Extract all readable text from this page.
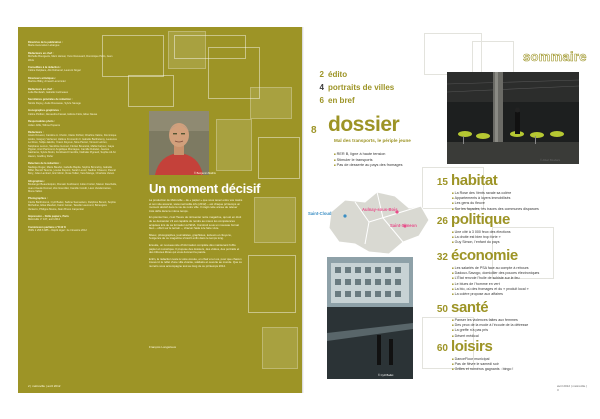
Directrice de la publication :
Marie-Geneviève Lebargue
Rédacteurs en chef :
Michelle Bourgeois, Marc Hersat, Yann Renouard, Dominique Pétin, Jean Wets
Conseillère à la rédaction :
Céline Delplace, Alix Duhamel, Laurent Nogal
Directeurs artistiques :
Martine Bâby, Arnaud Lemonnier
Rédacteurs en chef :
Leila Benfatah, Isabelle Guilmeaux
Secrétaires générales de rédaction :
Nicole Dupuy, Aude Rousseau, Sylvie Savage
Iconographes-graphistes :
Céline Poillorc, Alexandra Fassal, Hélène Fétis, Elise Nause
Responsables photo :
Julien Joffe, Wilma Poparos
Rédacteurs :
Anaïs Duveret, Caroline A. Chotin, Claire Fichtel, Charline Valore, Dominique Andre, Grégory Verlamel, Hélène Fromentin F. Isabelle Barthelemy, Laurence Le Roux, Sofija Jakobs, Yoann Doyoux, Nina Pierret, Vincent Lebrun, Stéphane Leroux, Sandrine Gonnet, Florian Boucetté, Mafia Farjoux, Gaya Pignier, Amir Parimond, Angélique Montague, Camille Dubelet, Jeanne Sasharne, Sylvie Mutin, Ferdinand Franzilis, Nathalie Pignault, Sophie Ail Ait Hacen, Godfrey Dufer
Relecture de la rédaction :
Nadiège Roger, Marie Baudet, Isabelle Baptia, Sophie Bonnefoy, Isabelle Biffet, Benoît Taverre, Louise Dupont, Sarah Lenoir, Nadine Chauvet, Pascal Bory, Jules Lambert, Éric Morin, Rose Tellier, Vera Mange, Charlotte Vanon
Infographies :
Boulanger Beauclerquin, Romain Ferdinand, Julien Fortier, Manon Deschelle, Jean-Claude Donnel, Zoé Gremillet, Camille Condit, Léon Vanderzanten, Mona Vallon
Photographies :
Cécile Bartholomé, Cyril Badet, Sabine Samuelson, Delphine Benoit, Sophie Micheline, Elisa Maxdeit, Katrin Goran, Tassilio Laumond, Bérengère Vanterre, Philippe Moore, Alain Bruno Carpentier
Impression – Dolle papiers, Paris
Métroville n° 167, avril 2012
Commission paritaire n°1112 K
ISSN 1 296 6 985 – Dépôt légal : 2e trimestre 2012
© Benjamin Mathis
Un moment décisif

La production de Métroville – de « papier » que vous tenez entre vos mains et son site associé, www.metroville.info (2012) – est chaque printemps un moment décisif dans la vie de notre ville. Il s'agit cette année de relever trois défis dans le même temps.

En premier lieu, c'est l'heure de réinventer notre magazine, qui est en droit de se demander s'il est capable de rendre au mieux les compétences acquises lors de sa formation à l'ENA. Construit sous un nouveau format bien – offert sur le terrain –, chacun l'aide à le faire vivre.

Mieux, photographes, journalistes, graphistes, lecteurs et citoyens, l'exigence de ce magazine s'inscrit enfin dans le temps long.

Ensuite, un nouveau site d'information complète dès maintenant l'offre papier et numérique. Il propose des dossiers, des vidéos, des portraits et des tribunes libres qui vous donnent la parole.

Enfin, la rédaction reste à votre écoute, en chair et en os, pour que chacun trouve ici le reflet d'une ville vivante, solidaire et ouverte au monde. Que ce numéro vous accompagne tout au long de ce printemps 2012.

François Longérieux
2 | métroville | avril 2012
sommaire
© Albert Boudaris
2 édito
4 portraits de villes
6 en bref
8 dossier
Mal des transports, le périple jeune
■ RER B, ligne à haute tension
■ Stimuler le transports
■ Pas de desserte au pays des fromages
Saint-Cloud
Aulnay-sous-Bois
Saint-Simeon
© Cyril Badet
15 habitat
■ La Rose des Vents ravale sa colère
■ Appartements à loyers immobilisés
■ Les gens du fleuve
■ Sur les façades, les traces des communes disparues
26 politique
■ Une cité à 3 000 feux des élections
■ La droite est bien trop forte »
■ Guy Simon, l'enfant du pays
32 économie
■ Les salariés de PSA face au compte à rebours
■ Dadoux-Savogo, domicilier des pouces électroniques
■ L'État renvoie l'huile de schiste sur le feu
■ Le blues de l'homme en vert
■ La bio, où des fromages et du « produit local »
■ La colère propose aux affaires
50 santé
■ Panser les violences faites aux femmes
■ Des yeux de la mode à l'écoute de la détresse
■ La greffe n'a pas pris
■ Désert médical
60 loisirs
■ DanceFloor municipal
■ Pas de fièvre le samedi soir
■ Grilles et numéros gagnants : bingo !
avril 2012 | métroville | 3
